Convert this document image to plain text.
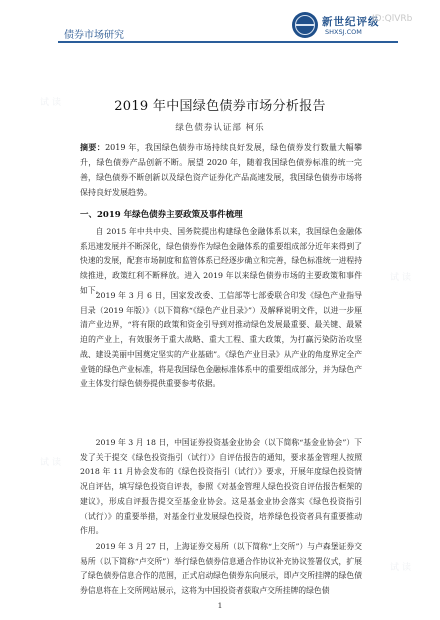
试读
试读
试读
试读
债券市场研究
新世纪评级
SHXSJ.COM
ID:QlVRb
2019 年中国绿色债券市场分析报告
绿色债券认证部 柯乐
摘要：2019 年，我国绿色债券市场持续良好发展，绿色债券发行数量大幅攀升，绿色债券产品创新不断。展望 2020 年，随着我国绿色债券标准的统一完善，绿色债券不断创新以及绿色资产证券化产品高速发展，我国绿色债券市场将保持良好发展趋势。
一、2019 年绿色债券主要政策及事件梳理
自 2015 年中共中央、国务院提出构建绿色金融体系以来，我国绿色金融体系迅速发展并不断深化，绿色债券作为绿色金融体系的重要组成部分近年来得到了快速的发展，配套市场制度和监管体系已经逐步确立和完善，绿色标准统一进程持续推进，政策红利不断释放。进入 2019 年以来绿色债券市场的主要政策和事件如下。
2019 年 3 月 6 日，国家发改委、工信部等七部委联合印发《绿色产业指导目录（2019 年版）》（以下简称“《绿色产业目录》”）及解释说明文件，以进一步厘清产业边界，“将有限的政策和资金引导到对推动绿色发展最重要、最关键、最紧迫的产业上，有效服务于重大战略、重大工程、重大政策，为打赢污染防治攻坚战、建设美丽中国奠定坚实的产业基础”。《绿色产业目录》从产业的角度界定全产业链的绿色产业标准，将是我国绿色金融标准体系中的重要组成部分，并为绿色产业主体发行绿色债券提供重要参考依据。
2019 年 3 月 18 日，中国证券投资基金业协会（以下简称“基金业协会”）下发了关于提交《绿色投资指引（试行）》自评估报告的通知，要求基金管理人按照 2018 年 11 月协会发布的《绿色投资指引（试行）》要求，开展年度绿色投资情况自评估，填写绿色投资自评表，参照《对基金管理人绿色投资自评估报告框架的建议》，形成自评报告提交至基金业协会。这是基金业协会落实《绿色投资指引（试行）》的重要举措，对基金行业发展绿色投资，培养绿色投资者具有重要推动作用。
2019 年 3 月 27 日，上海证券交易所（以下简称“上交所”）与卢森堡证券交易所（以下简称“卢交所”）举行绿色债券信息通合作协议补充协议签署仪式，扩展了绿色债券信息合作的范围，正式启动绿色债券东向展示，即卢交所挂牌的绿色债券信息将在上交所网站展示，这将为中国投资者获取卢交所挂牌的绿色债
1
